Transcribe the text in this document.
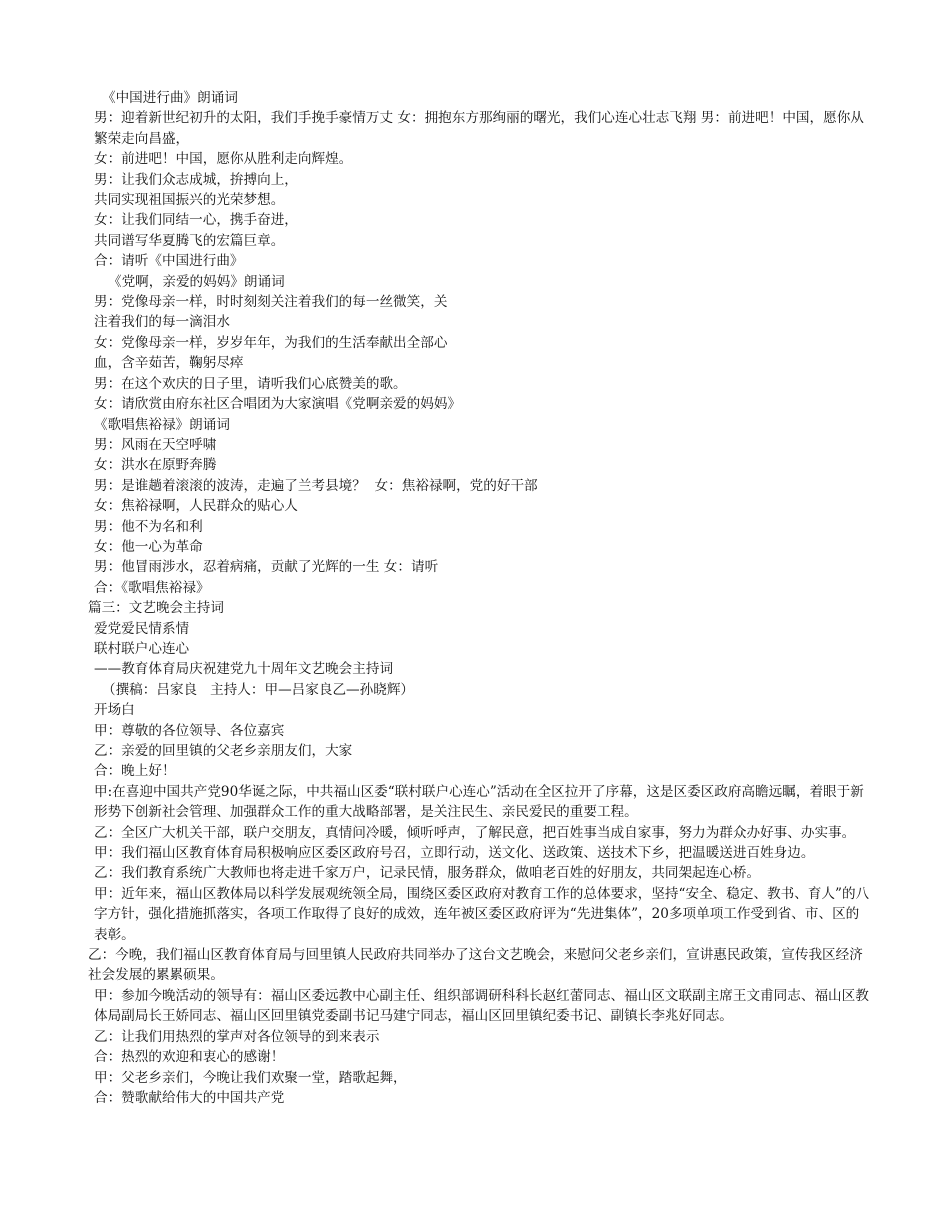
《中国进行曲》朗诵词

男：迎着新世纪初升的太阳，我们手挽手豪情万丈 女：拥抱东方那绚丽的曙光，我们心连心壮志飞翔 男：前进吧！中国，愿你从繁荣走向昌盛，

女：前进吧！中国，愿你从胜利走向辉煌。

男：让我们众志成城，拚搏向上，

共同实现祖国振兴的光荣梦想。

女：让我们同结一心，携手奋进，

共同谱写华夏腾飞的宏篇巨章。

合：请听《中国进行曲》

《党啊，亲爱的妈妈》朗诵词

男：党像母亲一样，时时刻刻关注着我们的每一丝微笑，关

注着我们的每一滴泪水

女：党像母亲一样，岁岁年年，为我们的生活奉献出全部心

血，含辛茹苦，鞠躬尽瘁

男：在这个欢庆的日子里，请听我们心底赞美的歌。

女：请欣赏由府东社区合唱团为大家演唱《党啊亲爱的妈妈》

《歌唱焦裕禄》朗诵词

男：风雨在天空呼啸

女：洪水在原野奔腾

男：是谁趟着滚滚的波涛，走遍了兰考县境？  女：焦裕禄啊，党的好干部

女：焦裕禄啊，人民群众的贴心人

男：他不为名和利

女：他一心为革命

男：他冒雨涉水，忍着病痛，贡献了光辉的一生 女：请听

合：《歌唱焦裕禄》

篇三：文艺晚会主持词

爱党爱民情系情

联村联户心连心

——教育体育局庆祝建党九十周年文艺晚会主持词

（撰稿：吕家良   主持人：甲—吕家良乙—孙晓辉）

开场白

甲：尊敬的各位领导、各位嘉宾

乙：亲爱的回里镇的父老乡亲朋友们，大家

合：晚上好！

甲:在喜迎中国共产党90华诞之际，中共福山区委“联村联户心连心”活动在全区拉开了序幕，这是区委区政府高瞻远瞩，着眼于新形势下创新社会管理、加强群众工作的重大战略部署，是关注民生、亲民爱民的重要工程。

乙：全区广大机关干部，联户交朋友，真情问冷暖，倾听呼声，了解民意，把百姓事当成自家事，努力为群众办好事、办实事。

甲：我们福山区教育体育局积极响应区委区政府号召，立即行动，送文化、送政策、送技术下乡，把温暖送进百姓身边。

乙：我们教育系统广大教师也将走进千家万户，记录民情，服务群众，做咱老百姓的好朋友，共同架起连心桥。

甲：近年来，福山区教体局以科学发展观统领全局，围绕区委区政府对教育工作的总体要求，坚持“安全、稳定、教书、育人”的八字方针，强化措施抓落实，各项工作取得了良好的成效，连年被区委区政府评为“先进集体”，20多项单项工作受到省、市、区的表彰。

乙：今晚，我们福山区教育体育局与回里镇人民政府共同举办了这台文艺晚会，来慰问父老乡亲们，宣讲惠民政策，宣传我区经济社会发展的累累硕果。

甲：参加今晚活动的领导有：福山区委远教中心副主任、组织部调研科科长赵红蕾同志、福山区文联副主席王文甫同志、福山区教体局副局长王娇同志、福山区回里镇党委副书记马建宁同志，福山区回里镇纪委书记、副镇长李兆好同志。

乙：让我们用热烈的掌声对各位领导的到来表示

合：热烈的欢迎和衷心的感谢！

甲：父老乡亲们，今晚让我们欢聚一堂，踏歌起舞，

合：赞歌献给伟大的中国共产党
